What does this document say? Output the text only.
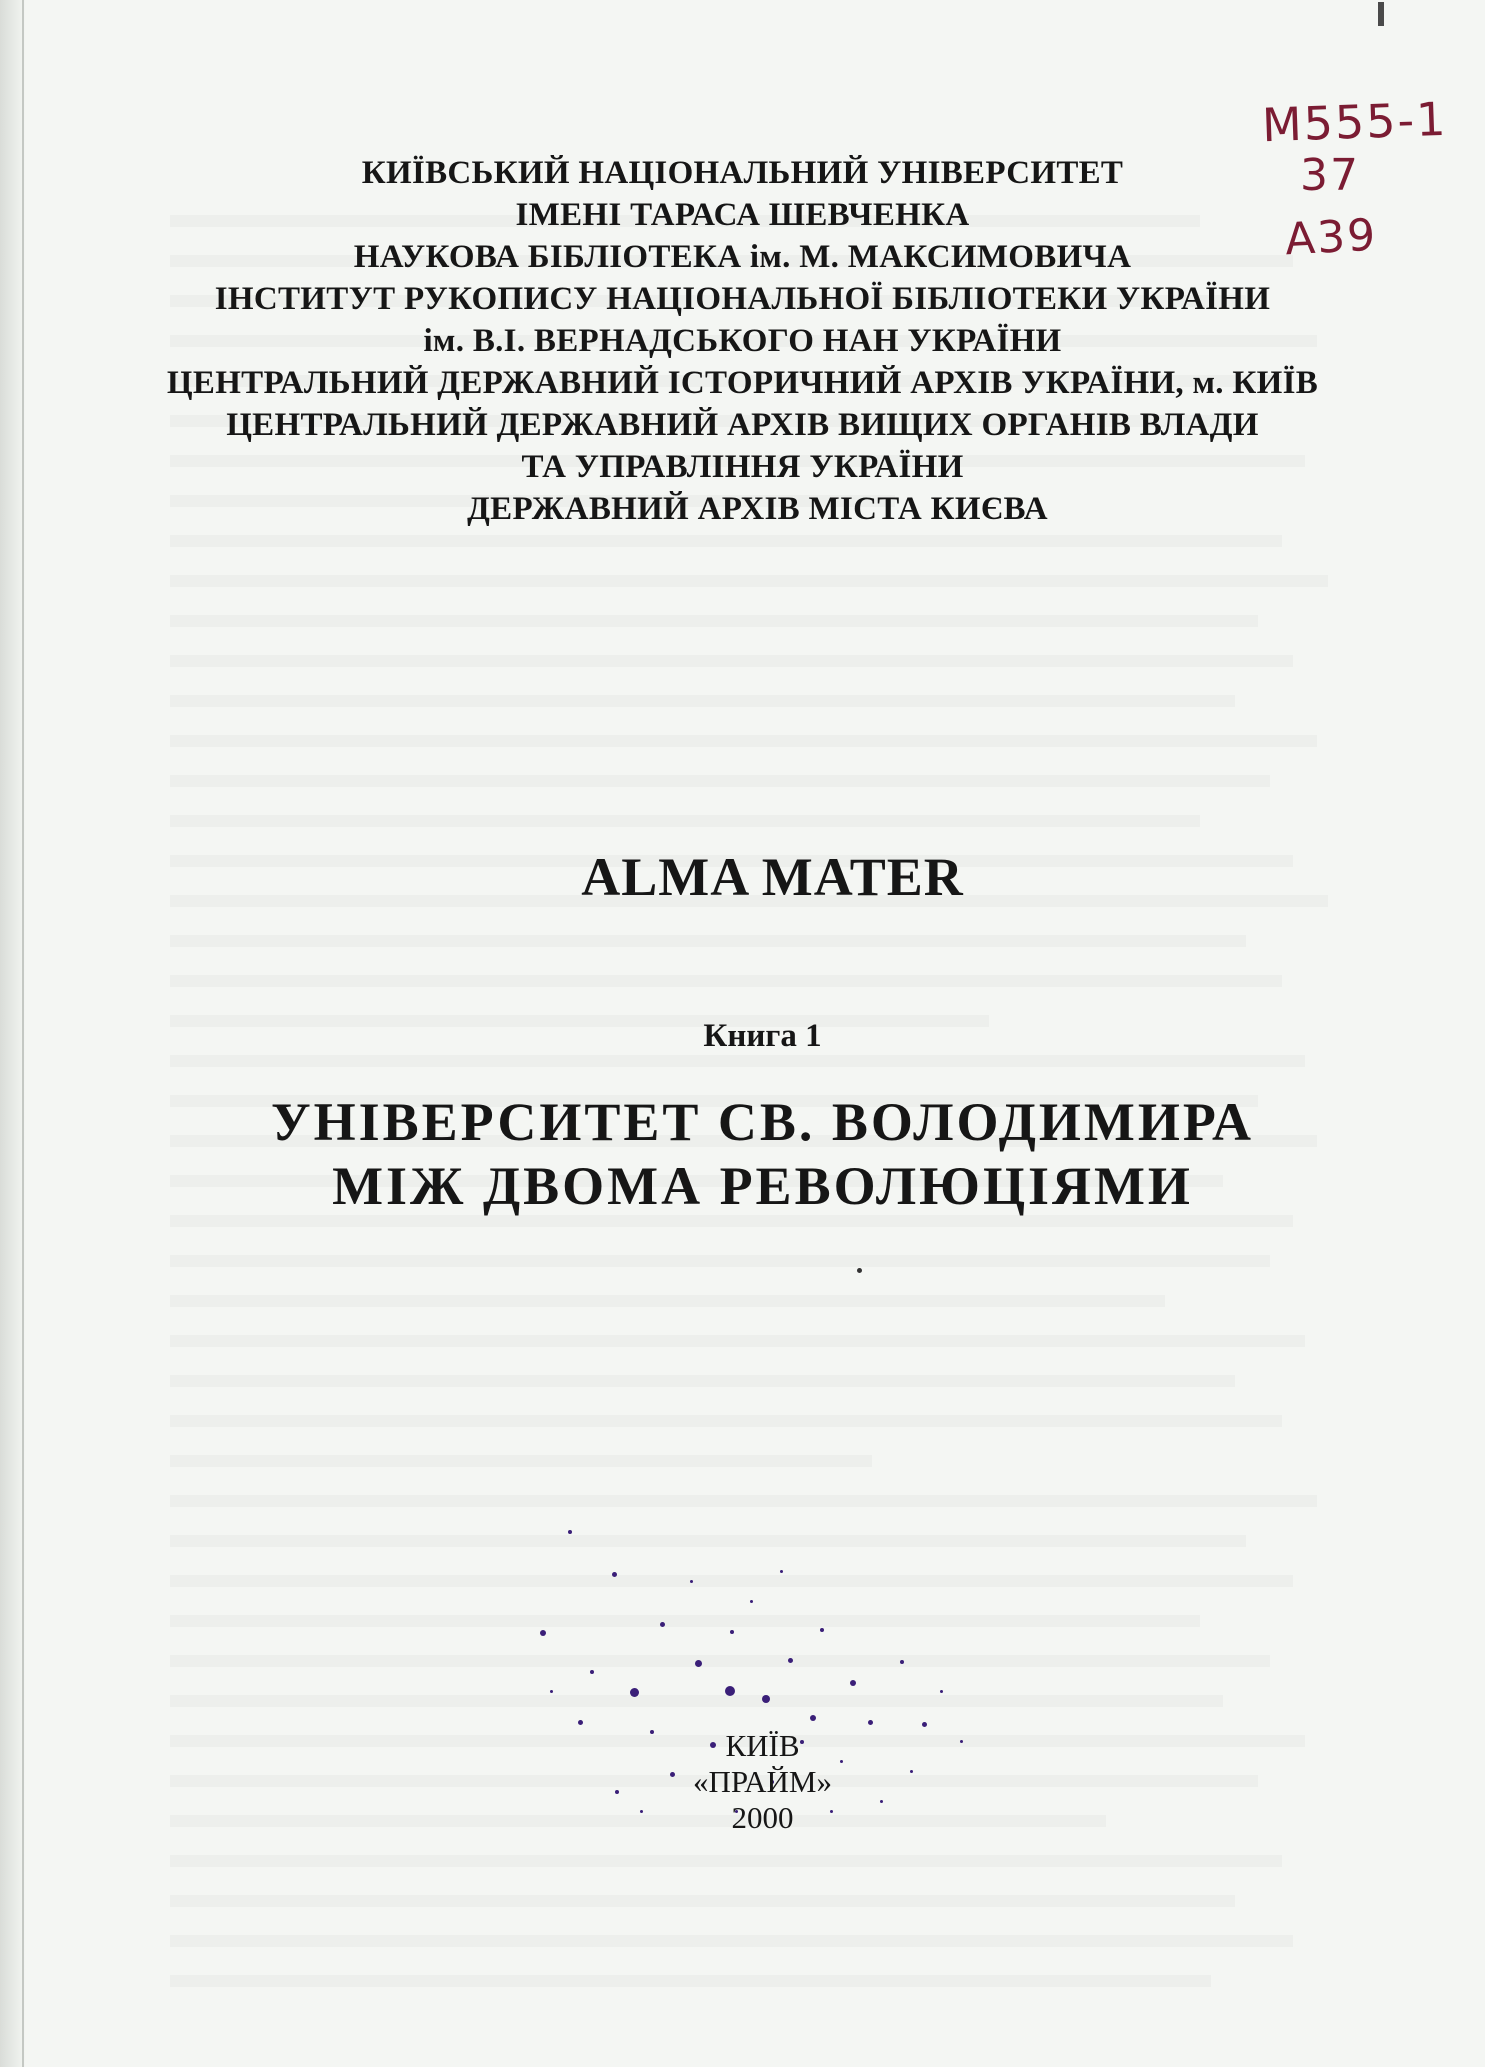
М555-1
37
А39
КИЇВСЬКИЙ НАЦІОНАЛЬНИЙ УНІВЕРСИТЕТ
ІМЕНІ ТАРАСА ШЕВЧЕНКА
НАУКОВА БІБЛІОТЕКА ім. М. МАКСИМОВИЧА
ІНСТИТУТ РУКОПИСУ НАЦІОНАЛЬНОЇ БІБЛІОТЕКИ УКРАЇНИ
ім. В.І. ВЕРНАДСЬКОГО НАН УКРАЇНИ
ЦЕНТРАЛЬНИЙ ДЕРЖАВНИЙ ІСТОРИЧНИЙ АРХІВ УКРАЇНИ, м. КИЇВ
ЦЕНТРАЛЬНИЙ ДЕРЖАВНИЙ АРХІВ ВИЩИХ ОРГАНІВ ВЛАДИ
ТА УПРАВЛІННЯ УКРАЇНИ
ДЕРЖАВНИЙ АРХІВ МІСТА КИЄВА
ALMA MATER
Книга 1
УНІВЕРСИТЕТ СВ. ВОЛОДИМИРА
МІЖ ДВОМА РЕВОЛЮЦІЯМИ
КИЇВ
«ПРАЙМ»
2000
